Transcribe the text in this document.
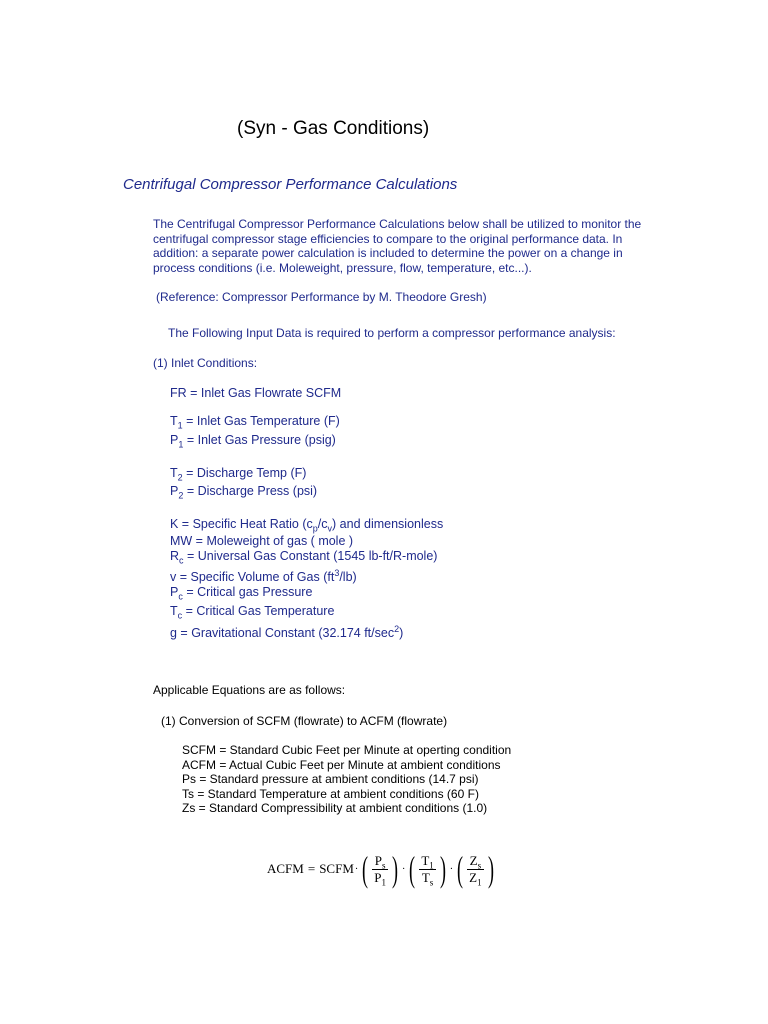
(Syn - Gas Conditions)
Centrifugal Compressor Performance Calculations
The Centrifugal Compressor Performance Calculations below shall be utilized to monitor the
centrifugal compressor stage efficiencies to compare to the original performance data. In
addition: a separate power calculation is included to determine the power on a change in
process conditions (i.e. Moleweight, pressure, flow, temperature, etc...).
(Reference: Compressor Performance by M. Theodore Gresh)
The Following Input Data is required to perform a compressor performance analysis:
(1) Inlet Conditions:
FR = Inlet Gas Flowrate SCFM
$T_1$ = Inlet Gas Temperature (F)
$P_1$ = Inlet Gas Pressure (psig)
$T_2$ = Discharge Temp (F)
$P_2$ = Discharge Press (psi)
K = Specific Heat Ratio $(c_p/c_v)$ and dimensionless
MW = Moleweight of gas ( mole )
$R_c$ = Universal Gas Constant (1545 lb-ft/R-mole)
v = Specific Volume of Gas $(ft^3/lb)$
$P_c$ = Critical gas Pressure
$T_c$ = Critical Gas Temperature
g = Gravitational Constant (32.174 $ft/\sec^2$)
Applicable Equations are as follows:
(1) Conversion of SCFM (flowrate) to ACFM (flowrate)
SCFM = Standard Cubic Feet per Minute at operting condition
ACFM = Actual Cubic Feet per Minute at ambient conditions
Ps = Standard pressure at ambient conditions (14.7 psi)
Ts = Standard Temperature at ambient conditions (60 F)
Zs = Standard Compressibility at ambient conditions (1.0)
ACFM = SCFM · ( $\frac{P_s}{P_1}$ ) · ( $\frac{T_1}{T_s}$ ) · ( $\frac{Z_s}{Z_1}$ )
